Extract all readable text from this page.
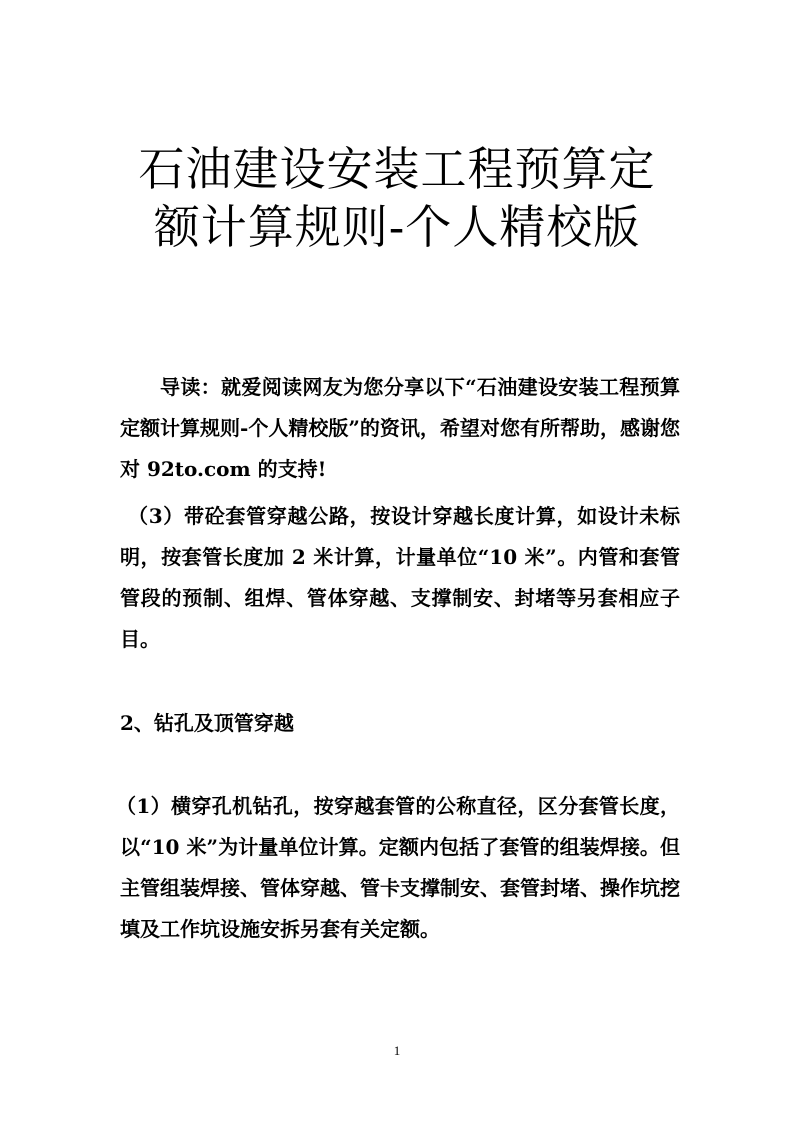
石油建设安装工程预算定
额计算规则-个人精校版

导读：就爱阅读网友为您分享以下“石油建设安装工程预算定额计算规则-个人精校版”的资讯，希望对您有所帮助，感谢您对 92to.com 的支持!

（3）带砼套管穿越公路，按设计穿越长度计算，如设计未标明，按套管长度加 2 米计算，计量单位“10 米”。内管和套管管段的预制、组焊、管体穿越、支撑制安、封堵等另套相应子目。

2、钻孔及顶管穿越

（1）横穿孔机钻孔，按穿越套管的公称直径，区分套管长度，以“10 米”为计量单位计算。定额内包括了套管的组装焊接。但主管组装焊接、管体穿越、管卡支撑制安、套管封堵、操作坑挖填及工作坑设施安拆另套有关定额。

1
